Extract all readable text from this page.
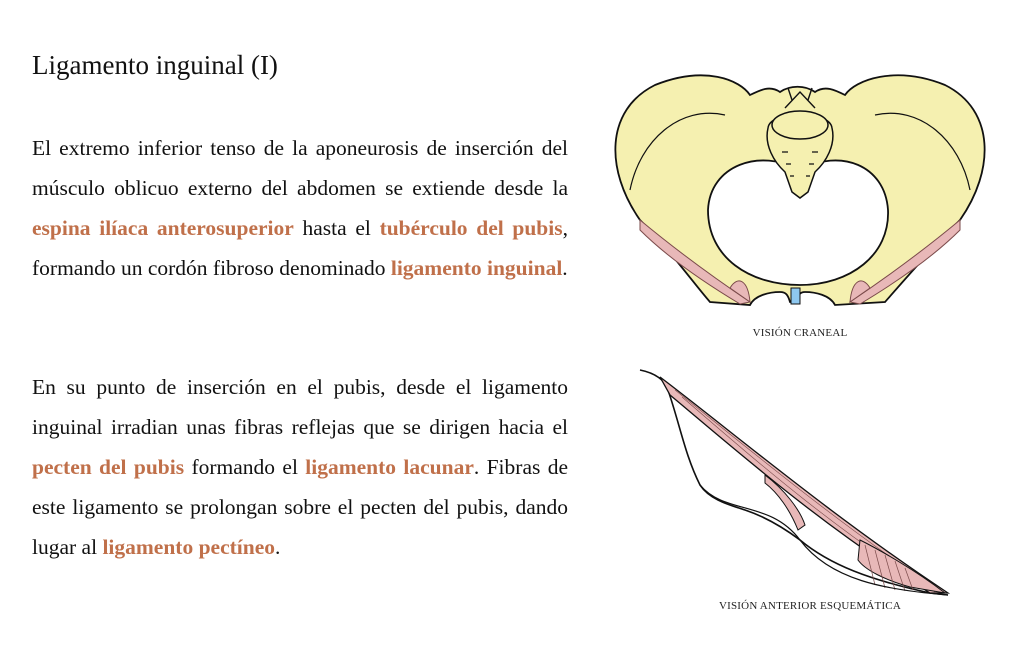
Ligamento inguinal (I)

El extremo inferior tenso de la aponeurosis de inserción del músculo oblicuo externo del abdomen se extiende desde la espina ilíaca anterosuperior hasta el tubérculo del pubis, formando un cordón fibroso denominado ligamento inguinal.

En su punto de inserción en el pubis, desde el ligamento inguinal irradian unas fibras reflejas que se dirigen hacia el pecten del pubis formando el ligamento lacunar. Fibras de este ligamento se prolongan sobre el pecten del pubis, dando lugar al ligamento pectíneo.

VISIÓN CRANEAL
VISIÓN ANTERIOR ESQUEMÁTICA
